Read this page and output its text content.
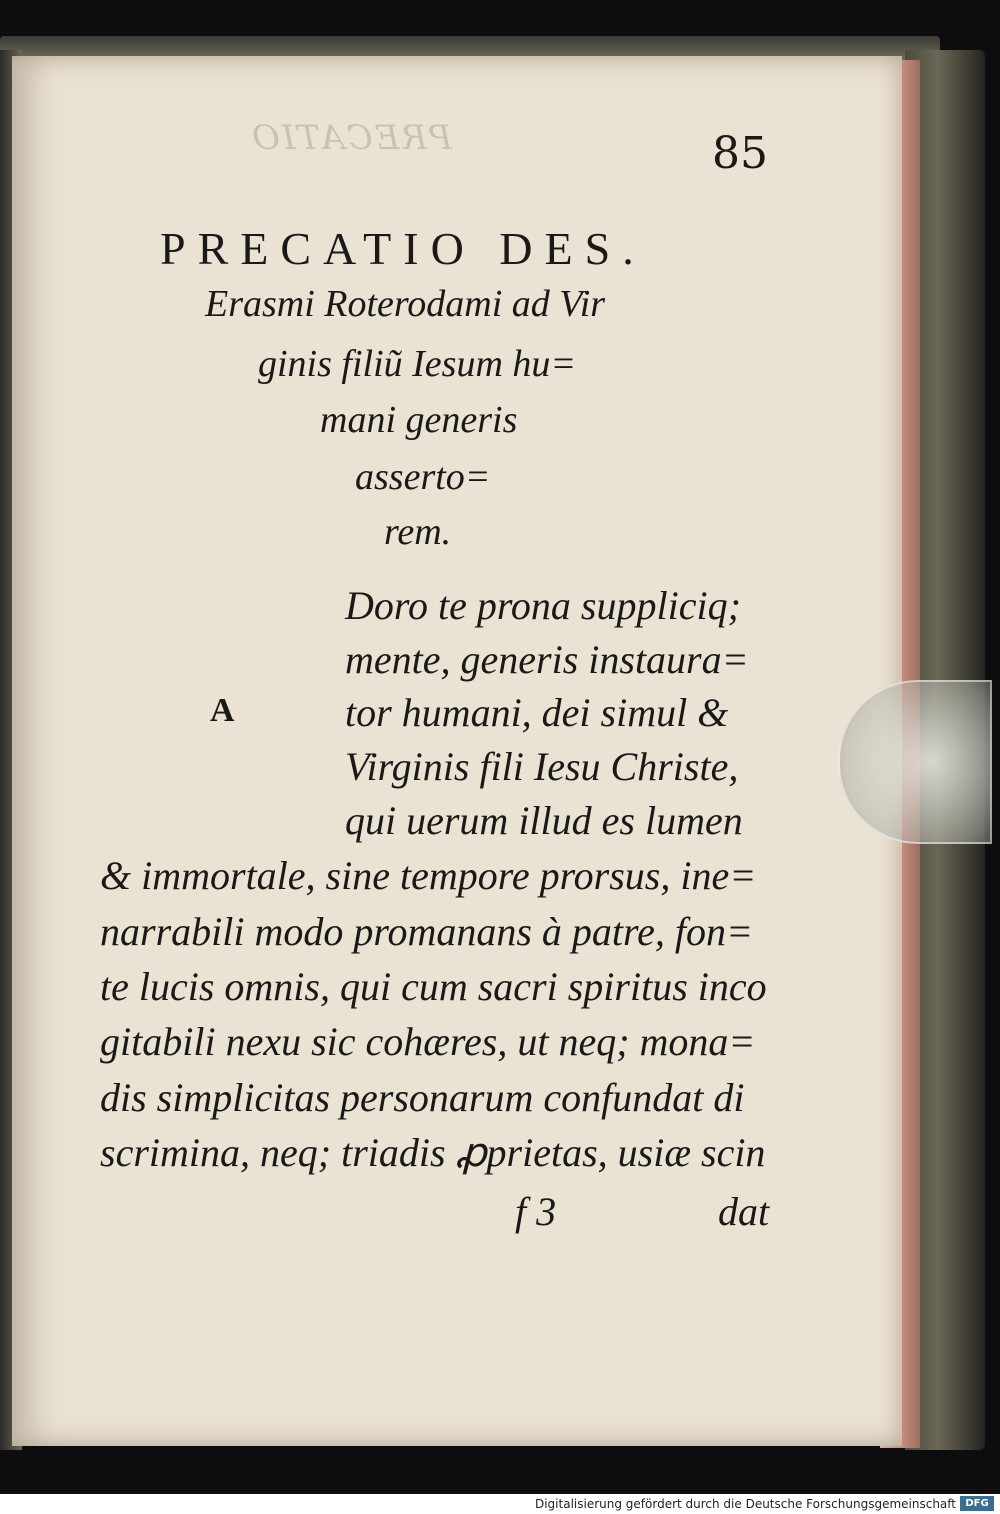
PRECATIO	85
PRECATIO DES.
Erasmi Roterodami ad Vir
ginis filiũ Iesum hu=
mani generis
asserto=
rem.
A
Doro te prona suppliciq;
mente, generis instaura=
tor humani, dei simul &
Virginis fili Iesu Christe,
qui uerum illud es lumen
& immortale, sine tempore prorsus, ine=
narrabili modo promanans à patre, fon=
te lucis omnis, qui cum sacri spiritus inco
gitabili nexu sic cohæres, ut neq; mona=
dis simplicitas personarum confundat di
scrimina, neq; triadis ꝓprietas, usiæ scin
f 3	dat
Digitalisierung gefördert durch die Deutsche Forschungsgemeinschaft DFG
